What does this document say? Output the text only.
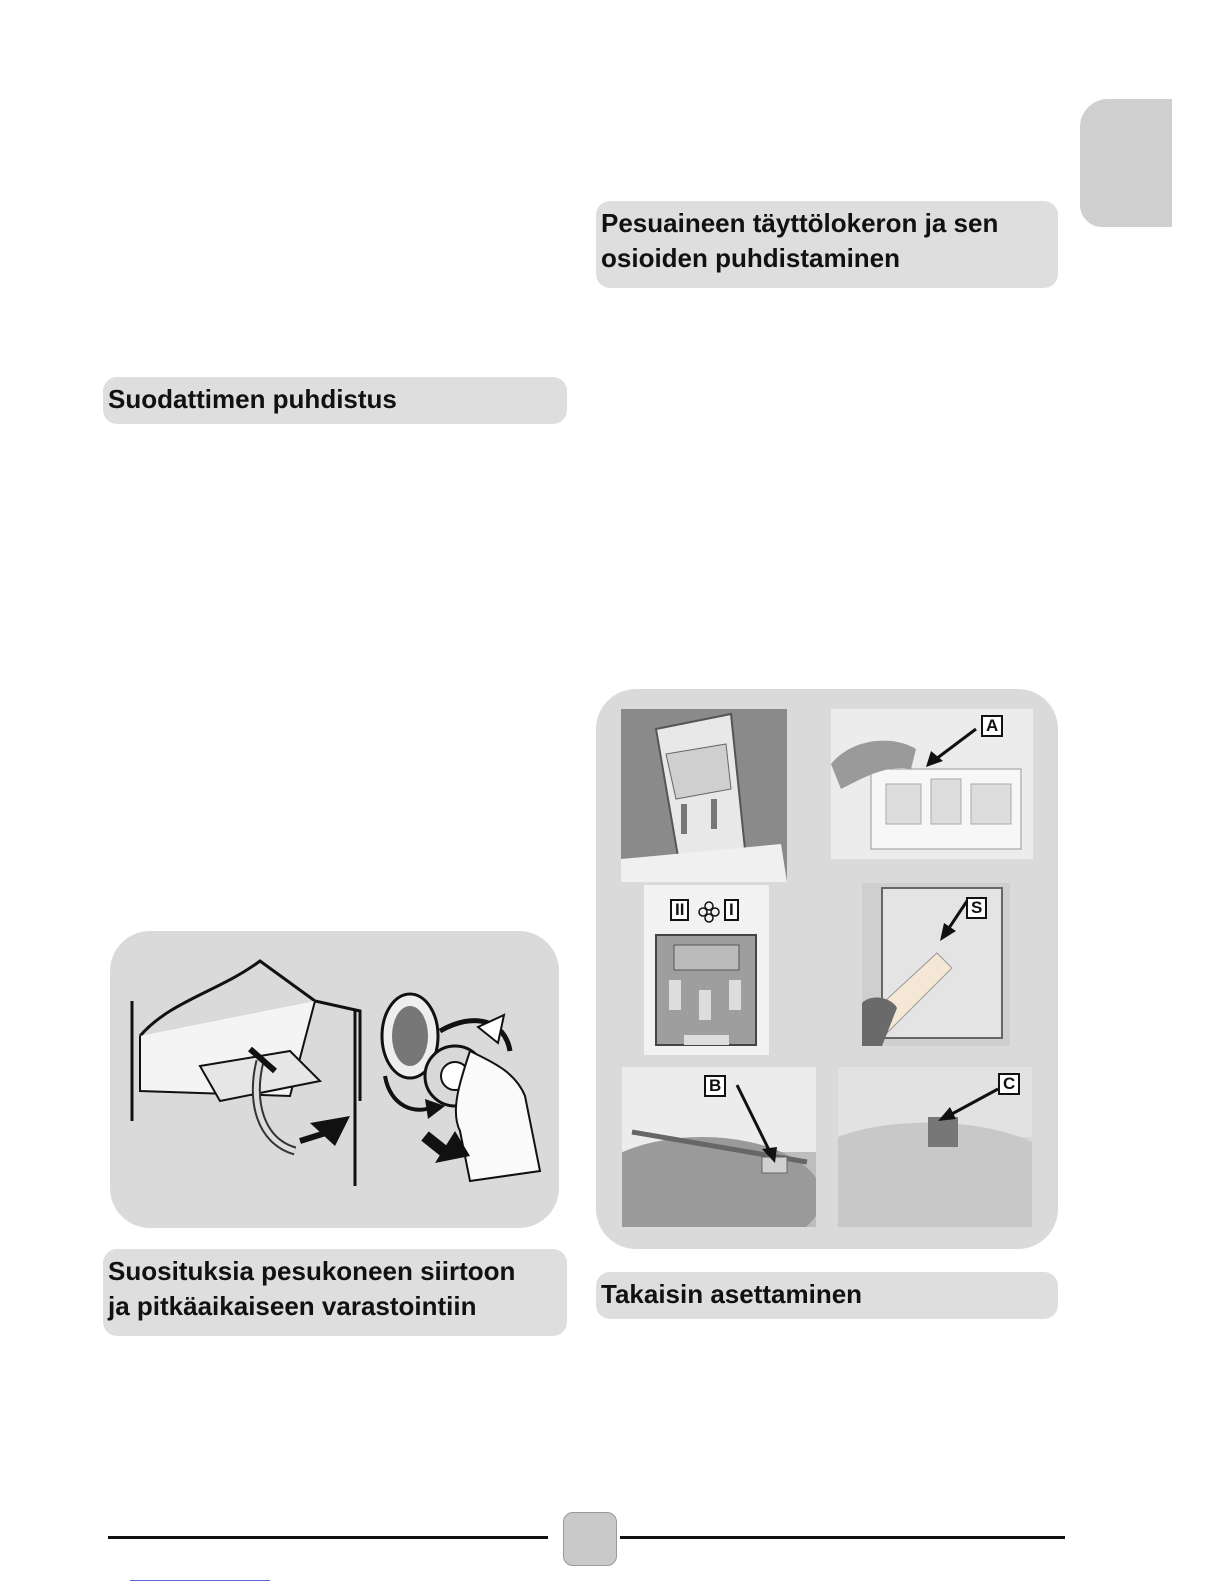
Pesuaineen täyttölokeron ja sen
osioiden puhdistaminen
Suodattimen puhdistus
Suosituksia pesukoneen siirtoon
ja pitkäaikaiseen varastointiin
A
II	I	S
B	C
Takaisin asettaminen
